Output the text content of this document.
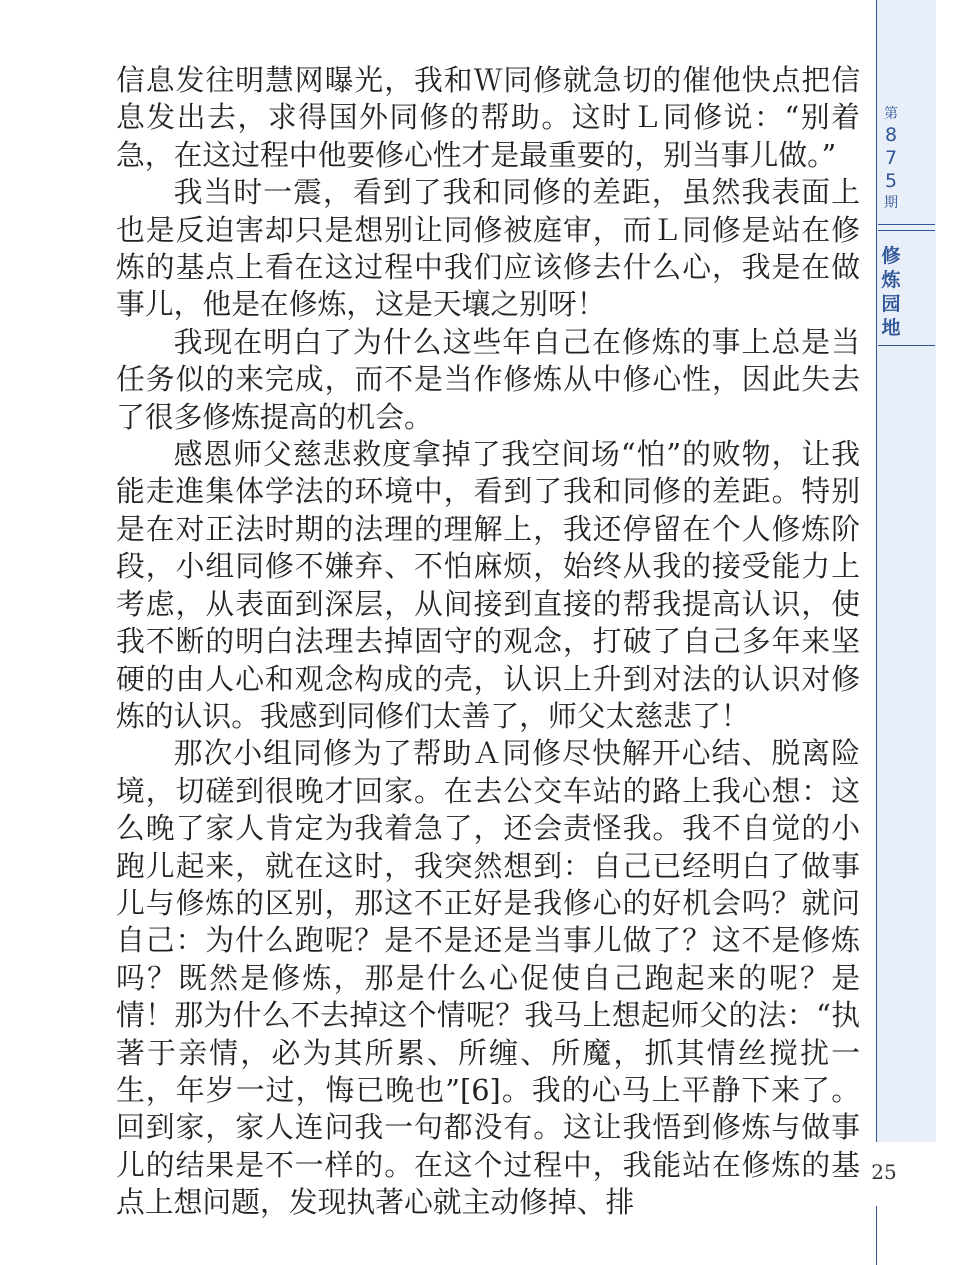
第
8
7
5
期
修
炼
园
地

信息发往明慧网曝光，我和Ｗ同修就急切的催他快点把信息发出去，求得国外同修的帮助。这时Ｌ同修说：“别着急，在这过程中他要修心性才是最重要的，别当事儿做。”

我当时一震，看到了我和同修的差距，虽然我表面上也是反迫害却只是想别让同修被庭审，而Ｌ同修是站在修炼的基点上看在这过程中我们应该修去什么心，我是在做事儿，他是在修炼，这是天壤之别呀！

我现在明白了为什么这些年自己在修炼的事上总是当任务似的来完成，而不是当作修炼从中修心性，因此失去了很多修炼提高的机会。

感恩师父慈悲救度拿掉了我空间场“怕”的败物，让我能走進集体学法的环境中，看到了我和同修的差距。特别是在对正法时期的法理的理解上，我还停留在个人修炼阶段，小组同修不嫌弃、不怕麻烦，始终从我的接受能力上考虑，从表面到深层，从间接到直接的帮我提高认识，使我不断的明白法理去掉固守的观念，打破了自己多年来坚硬的由人心和观念构成的壳，认识上升到对法的认识对修炼的认识。我感到同修们太善了，师父太慈悲了！

那次小组同修为了帮助Ａ同修尽快解开心结、脱离险境，切磋到很晚才回家。在去公交车站的路上我心想：这么晚了家人肯定为我着急了，还会责怪我。我不自觉的小跑儿起来，就在这时，我突然想到：自己已经明白了做事儿与修炼的区别，那这不正好是我修心的好机会吗？就问自己：为什么跑呢？是不是还是当事儿做了？这不是修炼吗？既然是修炼，那是什么心促使自己跑起来的呢？是情！那为什么不去掉这个情呢？我马上想起师父的法：“执著于亲情，必为其所累、所缠、所魔，抓其情丝搅扰一生，年岁一过，悔已晚也”[6]。我的心马上平静下来了。回到家，家人连问我一句都没有。这让我悟到修炼与做事儿的结果是不一样的。在这个过程中，我能站在修炼的基点上想问题，发现执著心就主动修掉、排

25
